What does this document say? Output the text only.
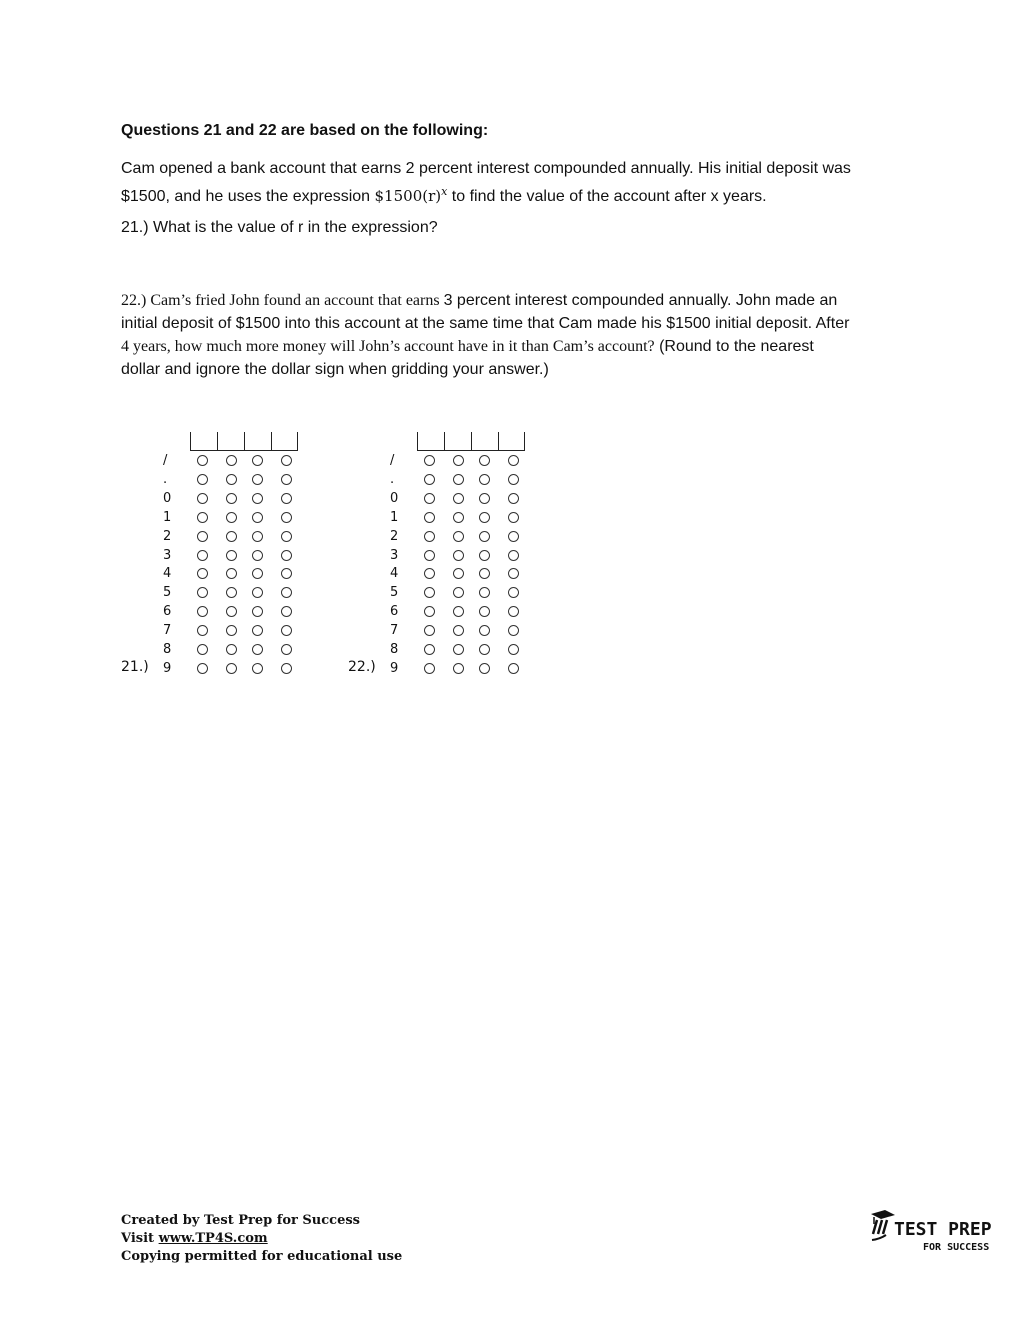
Questions 21 and 22 are based on the following:

Cam opened a bank account that earns 2 percent interest compounded annually. His initial deposit was
$1500, and he uses the expression $\$1500(r)^x$ to find the value of the account after x years.

21.) What is the value of r in the expression?

22.) Cam’s fried John found an account that earns 3 percent interest compounded annually. John made an
initial deposit of $1500 into this account at the same time that Cam made his $1500 initial deposit. After
4 years, how much more money will John’s account have in it than Cam’s account? (Round to the nearest
dollar and ignore the dollar sign when gridding your answer.)

21.)
/
.
0
1
2
3
4
5
6
7
8
9	22.)
/
.
0
1
2
3
4
5
6
7
8
9
Created by Test Prep for Success
Visit www.TP4S.com
Copying permitted for educational use
TEST PREP
FOR SUCCESS
